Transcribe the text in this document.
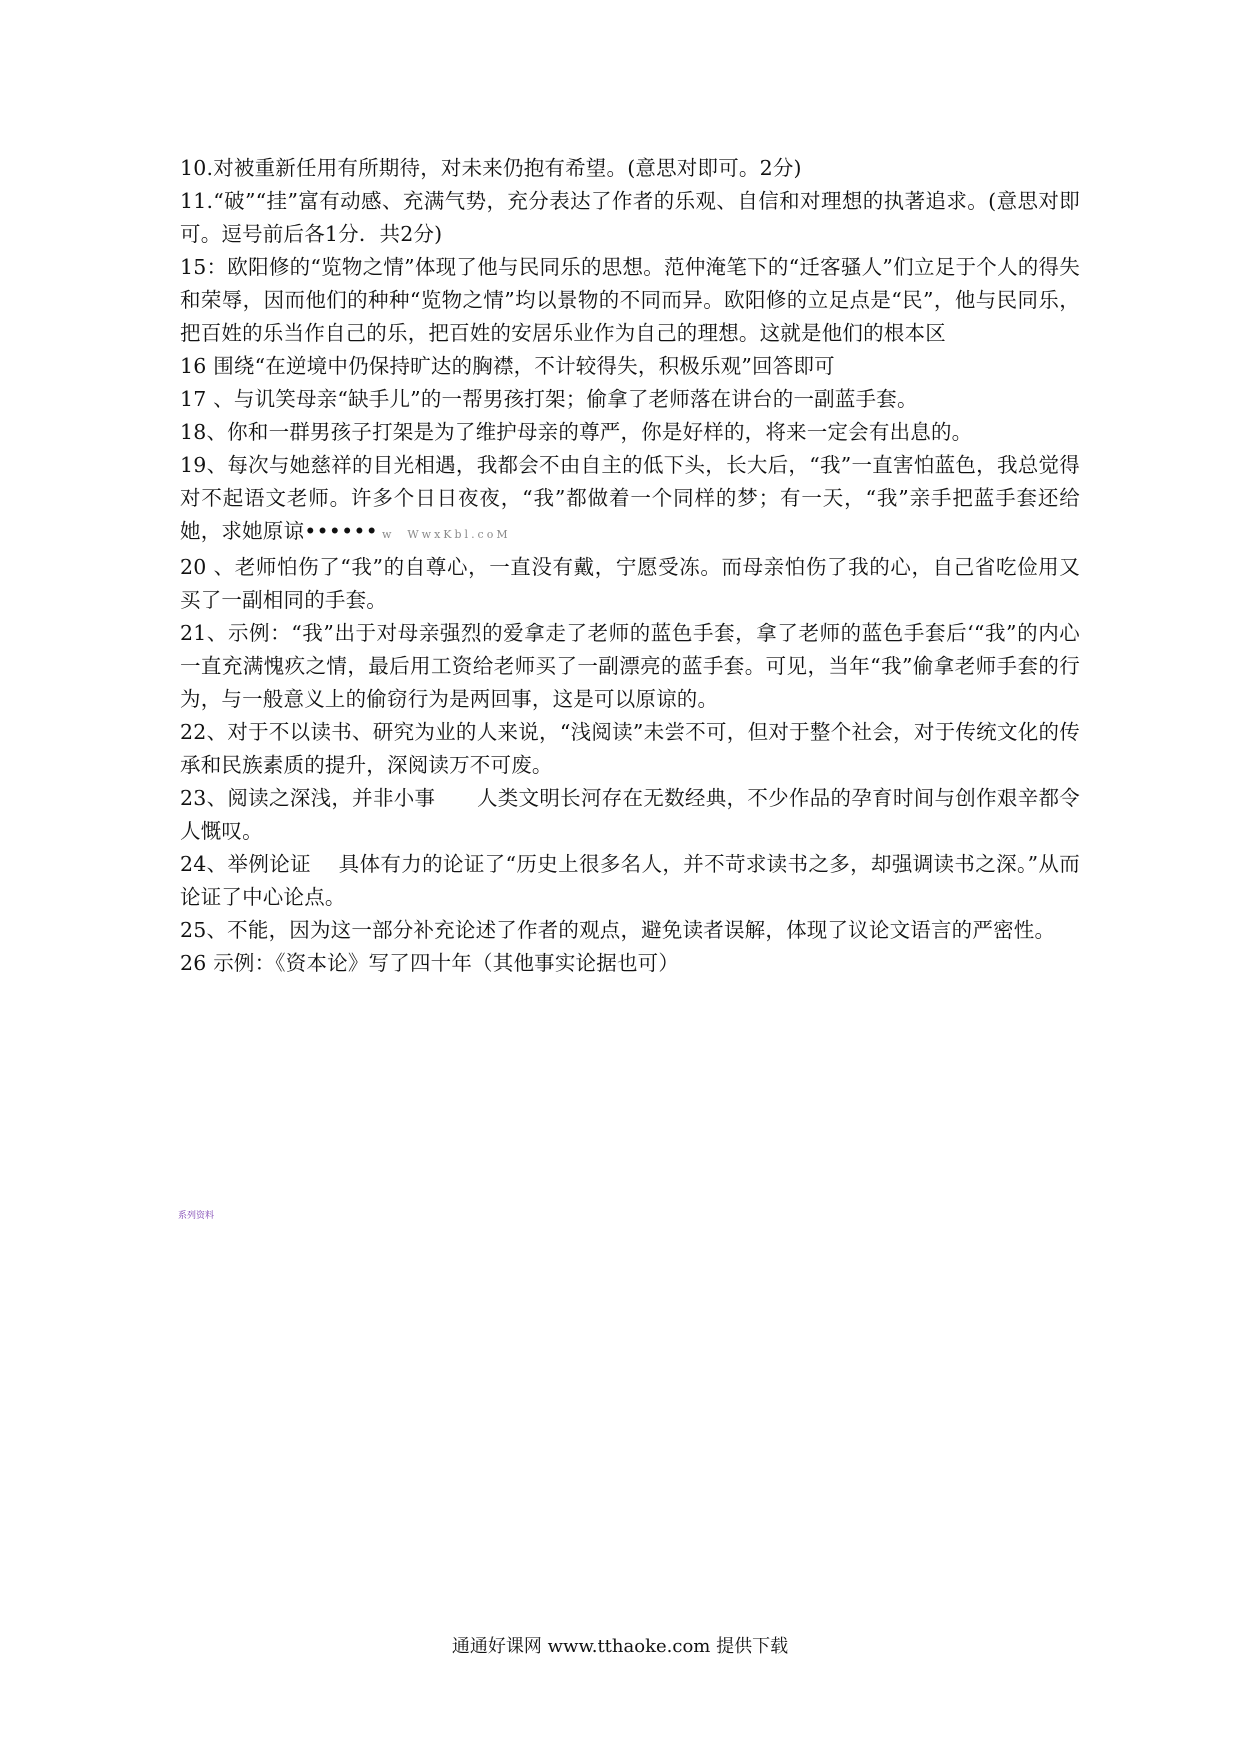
10.对被重新任用有所期待，对未来仍抱有希望。(意思对即可。2分)

11.“破”“挂”富有动感、充满气势，充分表达了作者的乐观、自信和对理想的执著追求。(意思对即可。逗号前后各1分．共2分)

15：欧阳修的“览物之情”体现了他与民同乐的思想。范仲淹笔下的“迁客骚人”们立足于个人的得失和荣辱，因而他们的种种“览物之情”均以景物的不同而异。欧阳修的立足点是“民”，他与民同乐，把百姓的乐当作自己的乐，把百姓的安居乐业作为自己的理想。这就是他们的根本区

16 围绕“在逆境中仍保持旷达的胸襟，不计较得失，积极乐观”回答即可

17 、与讥笑母亲“缺手儿”的一帮男孩打架；偷拿了老师落在讲台的一副蓝手套。

18、你和一群男孩子打架是为了维护母亲的尊严，你是好样的，将来一定会有出息的。

19、每次与她慈祥的目光相遇，我都会不由自主的低下头，长大后，“我”一直害怕蓝色，我总觉得对不起语文老师。许多个日日夜夜，“我”都做着一个同样的梦；有一天，“我”亲手把蓝手套还给她，求她原谅•••••• w  WwxKbl.coM

20 、老师怕伤了“我”的自尊心，一直没有戴，宁愿受冻。而母亲怕伤了我的心，自己省吃俭用又买了一副相同的手套。

21、示例：“我”出于对母亲强烈的爱拿走了老师的蓝色手套，拿了老师的蓝色手套后‘“我”的内心一直充满愧疚之情，最后用工资给老师买了一副漂亮的蓝手套。可见，当年“我”偷拿老师手套的行为，与一般意义上的偷窃行为是两回事，这是可以原谅的。

22、对于不以读书、研究为业的人来说，“浅阅读”未尝不可，但对于整个社会，对于传统文化的传承和民族素质的提升，深阅读万不可废。

23、阅读之深浅，并非小事　　人类文明长河存在无数经典，不少作品的孕育时间与创作艰辛都令人慨叹。

24、举例论证　 具体有力的论证了“历史上很多名人，并不苛求读书之多，却强调读书之深。”从而论证了中心论点。

25、不能，因为这一部分补充论述了作者的观点，避免读者误解，体现了议论文语言的严密性。

26 示例：《资本论》写了四十年（其他事实论据也可）

系列资料

通通好课网 www.tthaoke.com 提供下载
